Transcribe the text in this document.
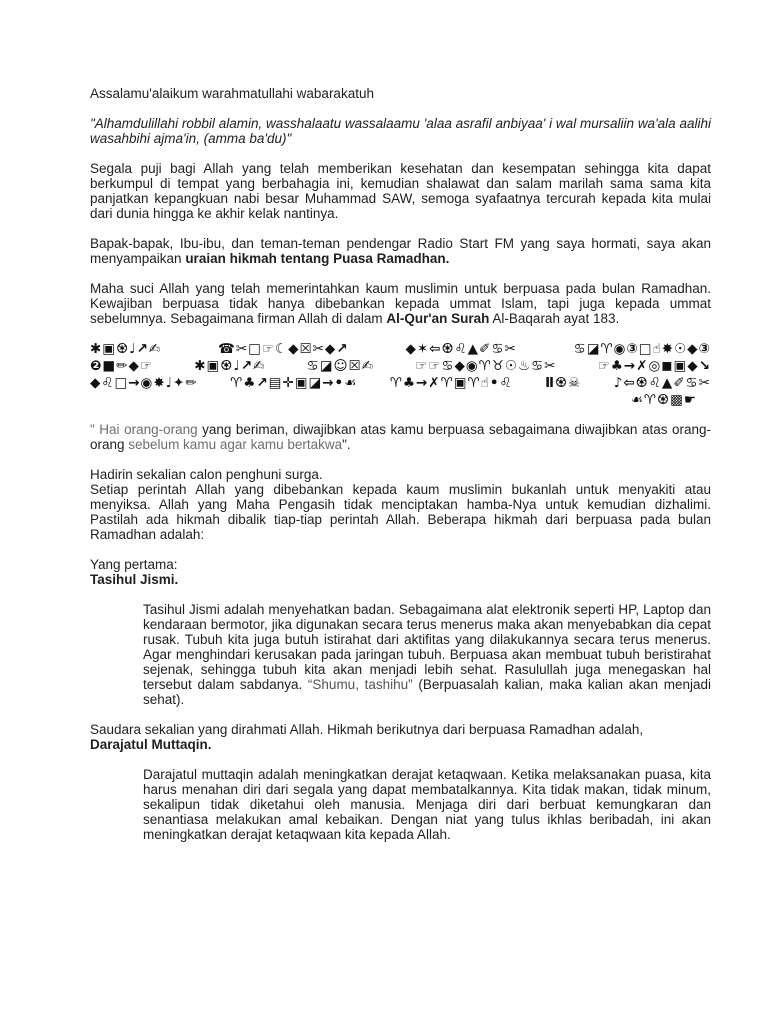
Assalamu'alaikum warahmatullahi wabarakatuh

"Alhamdulillahi robbil alamin, wasshalaatu wassalaamu 'alaa asrafil anbiyaa' i wal mursaliin wa'ala aalihi wasahbihi ajma'in, (amma ba'du)"

Segala puji bagi Allah yang telah memberikan kesehatan dan kesempatan sehingga kita dapat berkumpul di tempat yang berbahagia ini, kemudian shalawat dan salam marilah sama sama kita panjatkan kepangkuan nabi besar Muhammad SAW, semoga syafaatnya tercurah kepada kita mulai dari dunia hingga ke akhir kelak nantinya.

Bapak-bapak, Ibu-ibu, dan teman-teman pendengar Radio Start FM yang saya hormati, saya akan menyampaikan uraian hikmah tentang Puasa Ramadhan.

Maha suci Allah yang telah memerintahkan kaum muslimin untuk berpuasa pada bulan Ramadhan. Kewajiban berpuasa tidak hanya dibebankan kepada ummat Islam, tapi juga kepada ummat sebelumnya. Sebagaimana firman Allah di dalam Al-Qur'an Surah Al-Baqarah ayat 183.

✱▣♼♩↗✍	☎✂□☞☾◆☒✂◆↗	◆✶⇦♼♌▲✐♋✂	♋◪♈◉③□☝✸☉◆③
❷■✏◆☞	✱▣♼♩↗✍	♋◪☺☒✍	☞☞♋◆◉♈♉☉♨♋✂	☞♣→✗◎◼▣◆↘
◆♌□→◉✸♩✦✏ ♈♣↗▤✛▣◪→•☙ ♈♣→✗♈▣♈☝•♌ Ⅱ♼☠ ♪⇦♼♌▲✐♋✂
☙♈♼▩☛

" Hai orang-orang yang beriman, diwajibkan atas kamu berpuasa sebagaimana diwajibkan atas orang-orang sebelum kamu agar kamu bertakwa".

Hadirin sekalian calon penghuni surga.
Setiap perintah Allah yang dibebankan kepada kaum muslimin bukanlah untuk menyakiti atau menyiksa. Allah yang Maha Pengasih tidak menciptakan hamba-Nya untuk kemudian dizhalimi. Pastilah ada hikmah dibalik tiap-tiap perintah Allah. Beberapa hikmah dari berpuasa pada bulan Ramadhan adalah:

Yang pertama:
Tasihul Jismi.

Tasihul Jismi adalah menyehatkan badan. Sebagaimana alat elektronik seperti HP, Laptop dan kendaraan bermotor, jika digunakan secara terus menerus maka akan menyebabkan dia cepat rusak. Tubuh kita juga butuh istirahat dari aktifitas yang dilakukannya secara terus menerus. Agar menghindari kerusakan pada jaringan tubuh. Berpuasa akan membuat tubuh beristirahat sejenak, sehingga tubuh kita akan menjadi lebih sehat. Rasulullah juga menegaskan hal tersebut dalam sabdanya. “Shumu, tashihu” (Berpuasalah kalian, maka kalian akan menjadi sehat).

Saudara sekalian yang dirahmati Allah. Hikmah berikutnya dari berpuasa Ramadhan adalah,
Darajatul Muttaqin.

Darajatul muttaqin adalah meningkatkan derajat ketaqwaan. Ketika melaksanakan puasa, kita harus menahan diri dari segala yang dapat membatalkannya. Kita tidak makan, tidak minum, sekalipun tidak diketahui oleh manusia. Menjaga diri dari berbuat kemungkaran dan senantiasa melakukan amal kebaikan. Dengan niat yang tulus ikhlas beribadah, ini akan meningkatkan derajat ketaqwaan kita kepada Allah.
